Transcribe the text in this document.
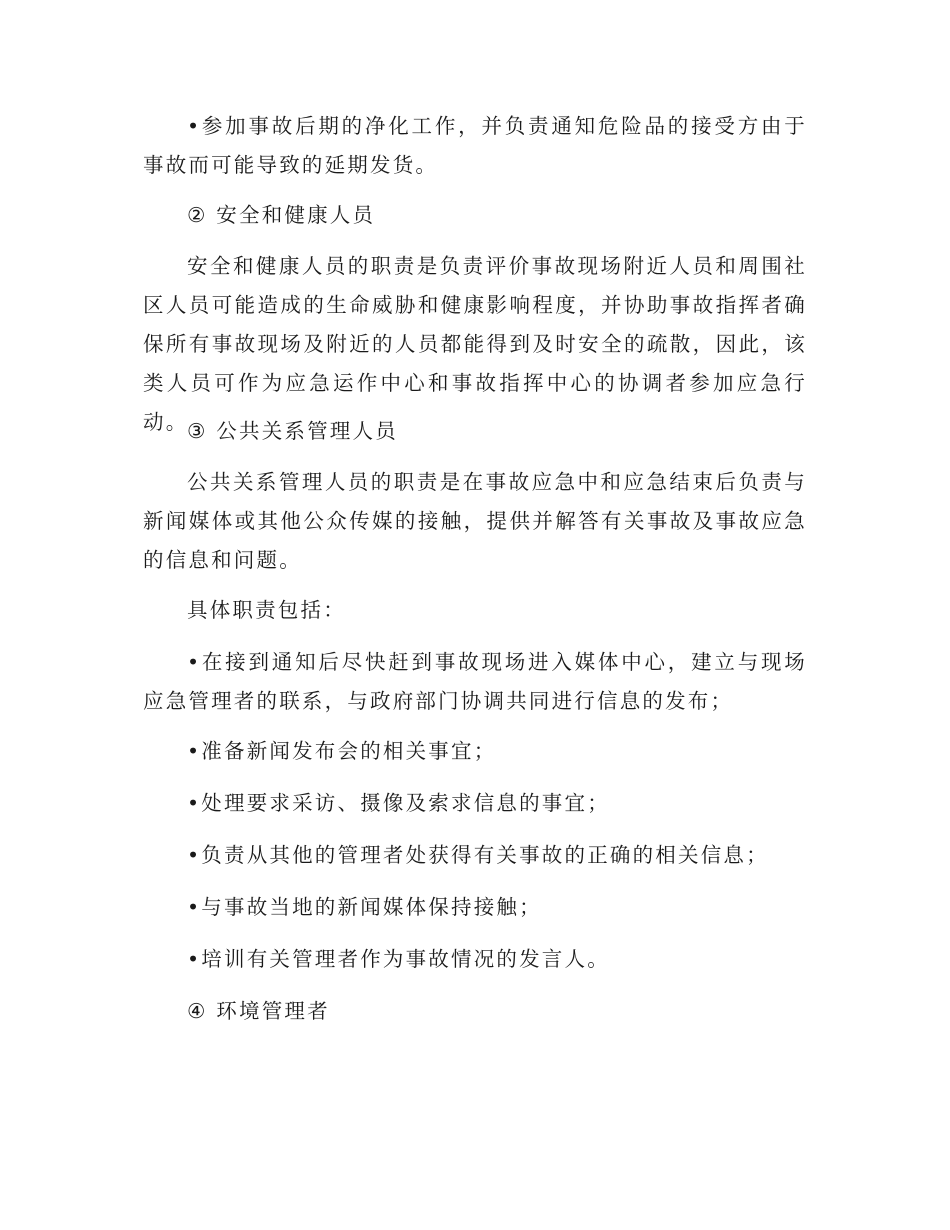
•参加事故后期的净化工作，并负责通知危险品的接受方由于事故而可能导致的延期发货。

② 安全和健康人员

安全和健康人员的职责是负责评价事故现场附近人员和周围社区人员可能造成的生命威胁和健康影响程度，并协助事故指挥者确保所有事故现场及附近的人员都能得到及时安全的疏散，因此，该类人员可作为应急运作中心和事故指挥中心的协调者参加应急行动。

③ 公共关系管理人员

公共关系管理人员的职责是在事故应急中和应急结束后负责与新闻媒体或其他公众传媒的接触，提供并解答有关事故及事故应急的信息和问题。

具体职责包括：

•在接到通知后尽快赶到事故现场进入媒体中心，建立与现场应急管理者的联系，与政府部门协调共同进行信息的发布；

•准备新闻发布会的相关事宜；

•处理要求采访、摄像及索求信息的事宜；

•负责从其他的管理者处获得有关事故的正确的相关信息；

•与事故当地的新闻媒体保持接触；

•培训有关管理者作为事故情况的发言人。

④ 环境管理者
